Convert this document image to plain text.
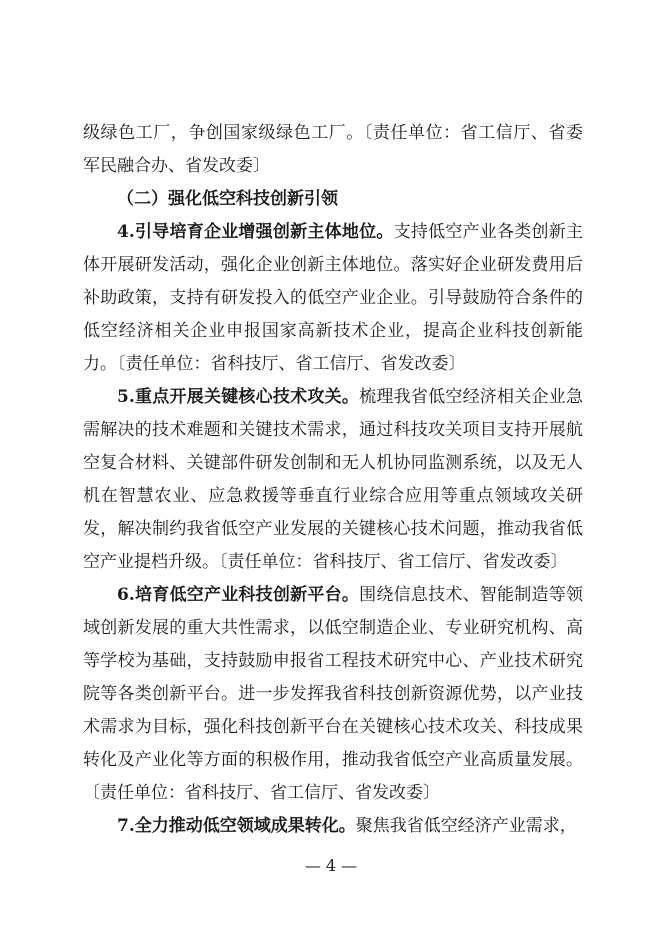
级绿色工厂，争创国家级绿色工厂。〔责任单位：省工信厅、省委军民融合办、省发改委〕

（二）强化低空科技创新引领

4.引导培育企业增强创新主体地位。支持低空产业各类创新主体开展研发活动，强化企业创新主体地位。落实好企业研发费用后补助政策，支持有研发投入的低空产业企业。引导鼓励符合条件的低空经济相关企业申报国家高新技术企业，提高企业科技创新能力。〔责任单位：省科技厅、省工信厅、省发改委〕

5.重点开展关键核心技术攻关。梳理我省低空经济相关企业急需解决的技术难题和关键技术需求，通过科技攻关项目支持开展航空复合材料、关键部件研发创制和无人机协同监测系统，以及无人机在智慧农业、应急救援等垂直行业综合应用等重点领域攻关研发，解决制约我省低空产业发展的关键核心技术问题，推动我省低空产业提档升级。〔责任单位：省科技厅、省工信厅、省发改委〕

6.培育低空产业科技创新平台。围绕信息技术、智能制造等领域创新发展的重大共性需求，以低空制造企业、专业研究机构、高等学校为基础，支持鼓励申报省工程技术研究中心、产业技术研究院等各类创新平台。进一步发挥我省科技创新资源优势，以产业技术需求为目标，强化科技创新平台在关键核心技术攻关、科技成果转化及产业化等方面的积极作用，推动我省低空产业高质量发展。〔责任单位：省科技厅、省工信厅、省发改委〕

7.全力推动低空领域成果转化。聚焦我省低空经济产业需求，

— 4 —
